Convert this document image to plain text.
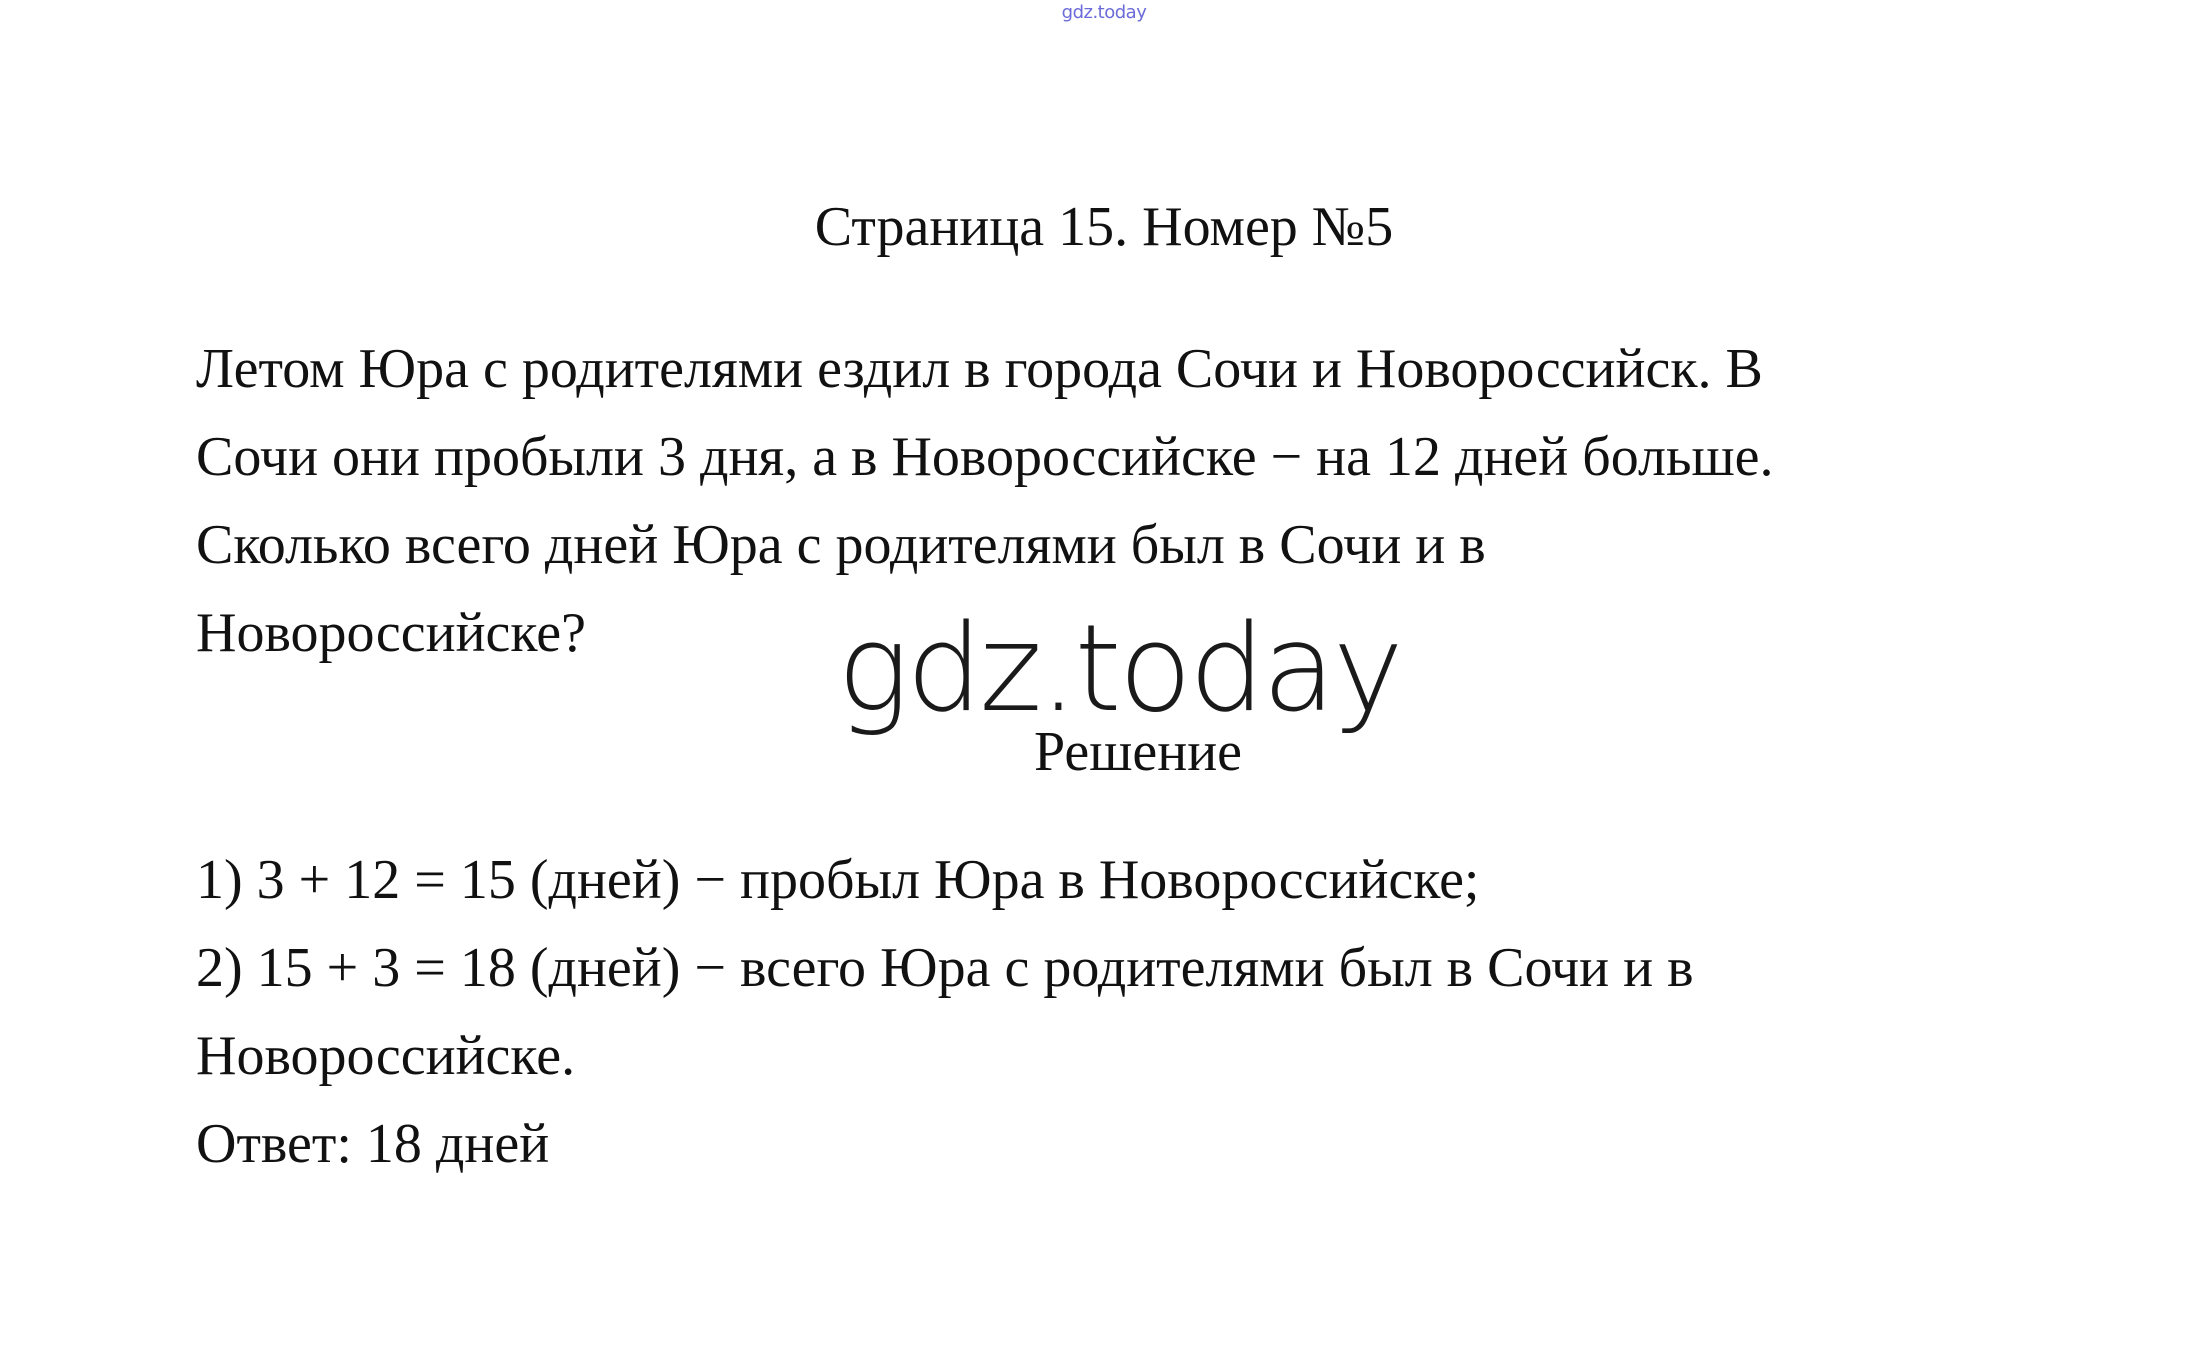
gdz.today
Страница 15. Номер №5
Летом Юра с родителями ездил в города Сочи и Новороссийск. В
Сочи они пробыли 3 дня, а в Новороссийске − на 12 дней больше.
Сколько всего дней Юра с родителями был в Сочи и в
Новороссийске?	gdz.today
Решение
1) 3 + 12 = 15 (дней) − пробыл Юра в Новороссийске;
2) 15 + 3 = 18 (дней) − всего Юра с родителями был в Сочи и в
Новороссийске.
Ответ: 18 дней
